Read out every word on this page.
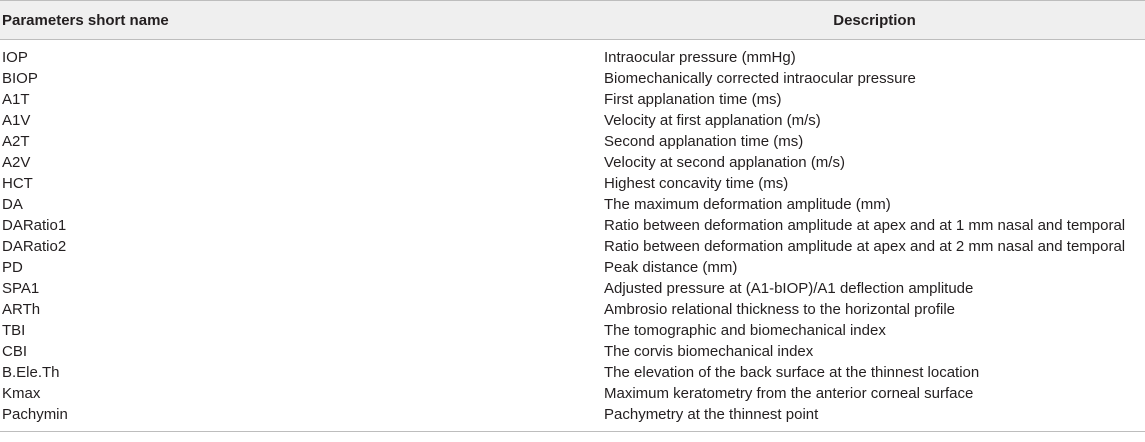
Parameters short name	Description
IOP	Intraocular pressure (mmHg)
BIOP	Biomechanically corrected intraocular pressure
A1T	First applanation time (ms)
A1V	Velocity at first applanation (m/s)
A2T	Second applanation time (ms)
A2V	Velocity at second applanation (m/s)
HCT	Highest concavity time (ms)
DA	The maximum deformation amplitude (mm)
DARatio1	Ratio between deformation amplitude at apex and at 1 mm nasal and temporal
DARatio2	Ratio between deformation amplitude at apex and at 2 mm nasal and temporal
PD	Peak distance (mm)
SPA1	Adjusted pressure at (A1-bIOP)/A1 deflection amplitude
ARTh	Ambrosio relational thickness to the horizontal profile
TBI	The tomographic and biomechanical index
CBI	The corvis biomechanical index
B.Ele.Th	The elevation of the back surface at the thinnest location
Kmax	Maximum keratometry from the anterior corneal surface
Pachymin	Pachymetry at the thinnest point
